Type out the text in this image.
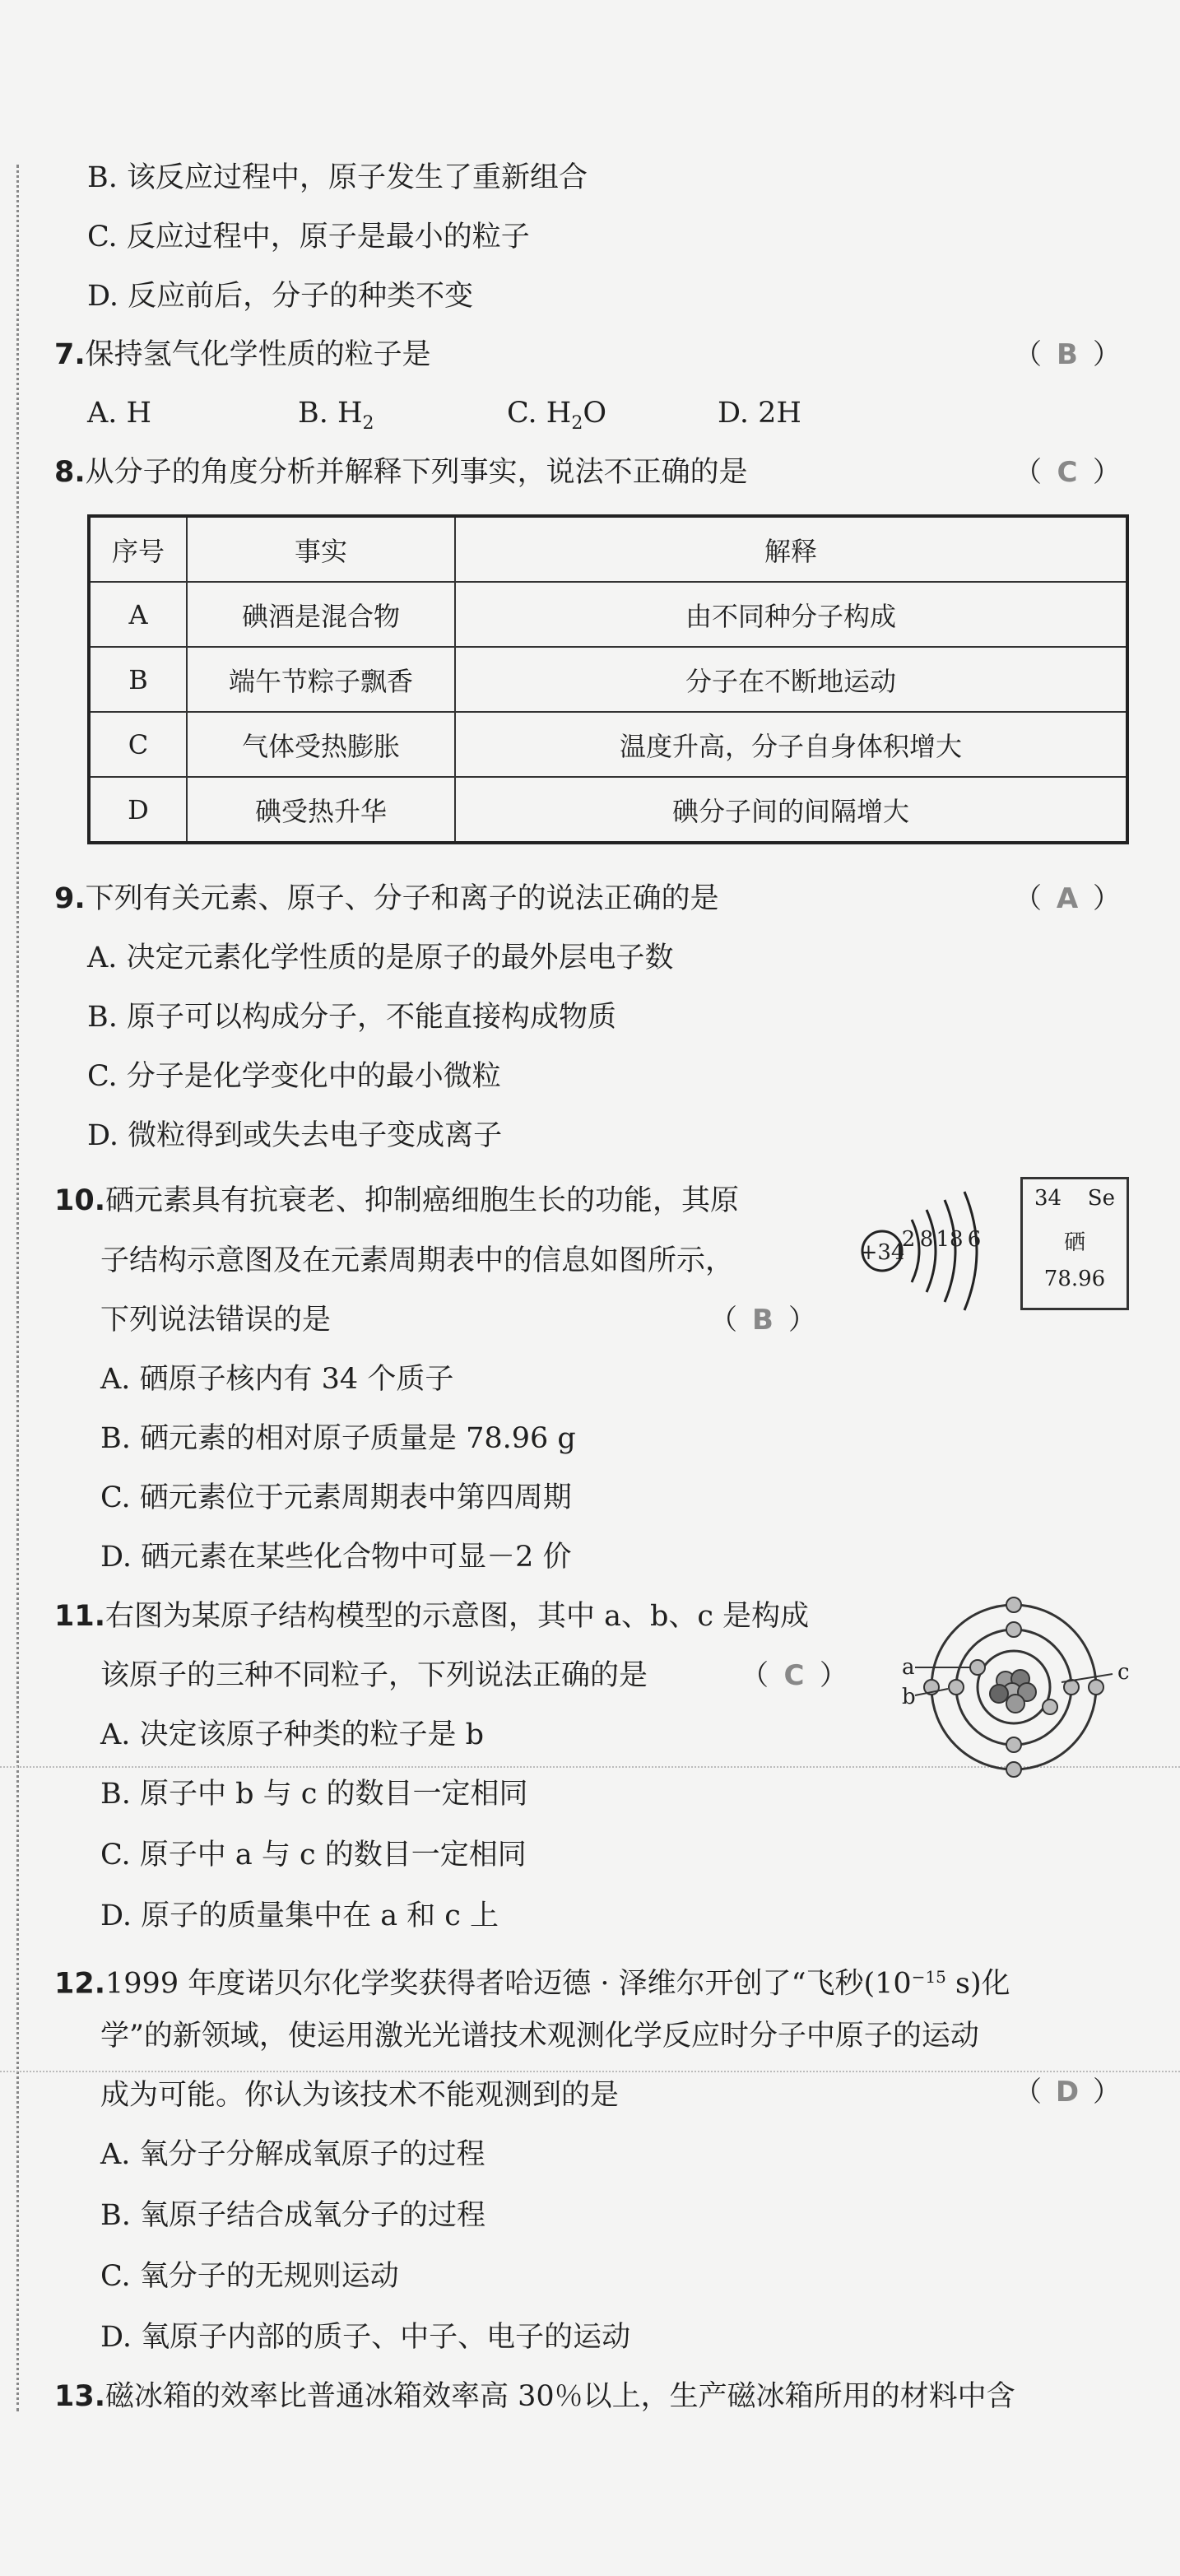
B. 该反应过程中，原子发生了重新组合
C. 反应过程中，原子是最小的粒子
D. 反应前后，分子的种类不变
7.保持氢气化学性质的粒子是	（ B ）
A. H	B. $H_2$	C. $H_2O$	D. 2H
8.从分子的角度分析并解释下列事实，说法不正确的是	（ C ）
序号	事实	解释
A	碘酒是混合物	由不同种分子构成
B	端午节粽子飘香	分子在不断地运动
C	气体受热膨胀	温度升高，分子自身体积增大
D	碘受热升华	碘分子间的间隔增大
9.下列有关元素、原子、分子和离子的说法正确的是	（ A ）
A. 决定元素化学性质的是原子的最外层电子数
B. 原子可以构成分子，不能直接构成物质
C. 分子是化学变化中的最小微粒
D. 微粒得到或失去电子变成离子
10.硒元素具有抗衰老、抑制癌细胞生长的功能，其原
子结构示意图及在元素周期表中的信息如图所示，
下列说法错误的是	（ B ）
A. 硒原子核内有 34 个质子
B. 硒元素的相对原子质量是 78.96 g
C. 硒元素位于元素周期表中第四周期
D. 硒元素在某些化合物中可显－2 价
+34
2 8 18 6
34 Se
硒
78.96
11.右图为某原子结构模型的示意图，其中 a、b、c 是构成
该原子的三种不同粒子，下列说法正确的是	（ C ）
A. 决定该原子种类的粒子是 b
B. 原子中 b 与 c 的数目一定相同
C. 原子中 a 与 c 的数目一定相同
D. 原子的质量集中在 a 和 c 上
a
b
c
12.1999 年度诺贝尔化学奖获得者哈迈德 · 泽维尔开创了“飞秒($10^{-15}$ s)化
学”的新领域，使运用激光光谱技术观测化学反应时分子中原子的运动
成为可能。你认为该技术不能观测到的是	（ D ）
A. 氧分子分解成氧原子的过程
B. 氧原子结合成氧分子的过程
C. 氧分子的无规则运动
D. 氧原子内部的质子、中子、电子的运动
13.磁冰箱的效率比普通冰箱效率高 30％以上，生产磁冰箱所用的材料中含
